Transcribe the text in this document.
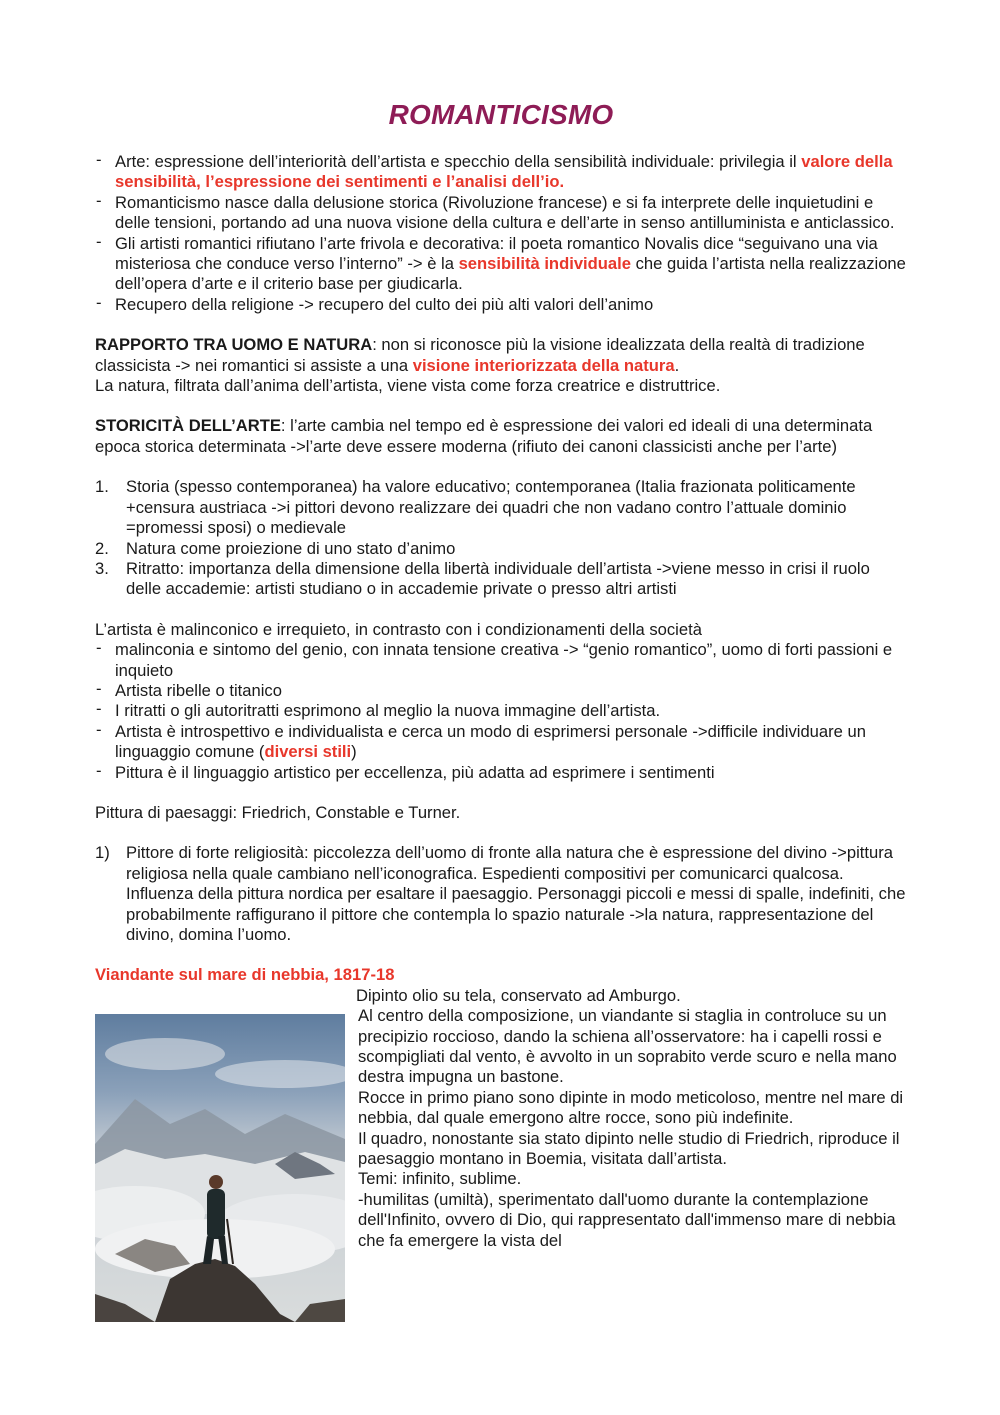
ROMANTICISMO
- Arte: espressione dell’interiorità dell’artista e specchio della sensibilità individuale: privilegia il valore della sensibilità, l’espressione dei sentimenti e l’analisi dell’io.
- Romanticismo nasce dalla delusione storica (Rivoluzione francese) e si fa interprete delle inquietudini e delle tensioni, portando ad una nuova visione della cultura e dell’arte in senso antilluminista e anticlassico.
- Gli artisti romantici rifiutano l’arte frivola e decorativa: il poeta romantico Novalis dice “seguivano una via misteriosa che conduce verso l’interno” -> è la sensibilità individuale che guida l’artista nella realizzazione dell’opera d’arte e il criterio base per giudicarla.
- Recupero della religione -> recupero del culto dei più alti valori dell’animo

RAPPORTO TRA UOMO E NATURA: non si riconosce più la visione idealizzata della realtà di tradizione classicista -> nei romantici si assiste a una visione interiorizzata della natura.

La natura, filtrata dall’anima dell’artista, viene vista come forza creatrice e distruttrice.

STORICITÀ DELL’ARTE: l’arte cambia nel tempo ed è espressione dei valori ed ideali di una determinata epoca storica determinata ->l’arte deve essere moderna (rifiuto dei canoni classicisti anche per l’arte)

1. Storia (spesso contemporanea) ha valore educativo; contemporanea (Italia frazionata politicamente +censura austriaca ->i pittori devono realizzare dei quadri che non vadano contro l’attuale dominio =promessi sposi) o medievale
2. Natura come proiezione di uno stato d’animo
3. Ritratto: importanza della dimensione della libertà individuale dell’artista ->viene messo in crisi il ruolo delle accademie: artisti studiano o in accademie private o presso altri artisti

L’artista è malinconico e irrequieto, in contrasto con i condizionamenti della società

- malinconia e sintomo del genio, con innata tensione creativa -> “genio romantico”, uomo di forti passioni e inquieto
- Artista ribelle o titanico
- I ritratti o gli autoritratti esprimono al meglio la nuova immagine dell’artista.
- Artista è introspettivo e individualista e cerca un modo di esprimersi personale ->difficile individuare un linguaggio comune (diversi stili)
- Pittura è il linguaggio artistico per eccellenza, più adatta ad esprimere i sentimenti

Pittura di paesaggi: Friedrich, Constable e Turner.

1) Pittore di forte religiosità: piccolezza dell’uomo di fronte alla natura che è espressione del divino ->pittura religiosa nella quale cambiano nell’iconografica. Espedienti compositivi per comunicarci qualcosa. Influenza della pittura nordica per esaltare il paesaggio. Personaggi piccoli e messi di spalle, indefiniti, che probabilmente raffigurano il pittore che contempla lo spazio naturale ->la natura, rappresentazione del divino, domina l’uomo.

Viandante sul mare di nebbia, 1817-18

Dipinto olio su tela, conservato ad Amburgo.

Al centro della composizione, un viandante si staglia in controluce su un precipizio roccioso, dando la schiena all’osservatore: ha i capelli rossi e scompigliati dal vento, è avvolto in un soprabito verde scuro e nella mano destra impugna un bastone.

Rocce in primo piano sono dipinte in modo meticoloso, mentre nel mare di nebbia, dal quale emergono altre rocce, sono più indefinite.

Il quadro, nonostante sia stato dipinto nelle studio di Friedrich, riproduce il paesaggio montano in Boemia, visitata dall’artista.

Temi: infinito, sublime.

-humilitas (umiltà), sperimentato dall'uomo durante la contemplazione dell'Infinito, ovvero di Dio, qui rappresentato dall'immenso mare di nebbia che fa emergere la vista del
